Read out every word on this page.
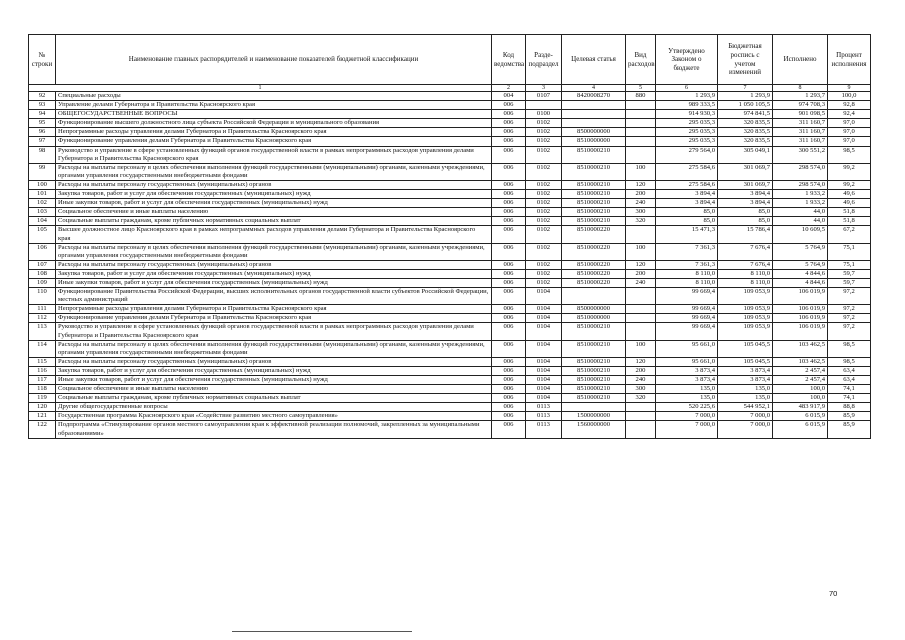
№ строки	Наименование главных распорядителей и наименование показателей бюджетной классификации	Код ведомства	Разде-подраздел	Целевая статья	Вид расходов	Утверждено Законом о бюджете	Бюджетная роспись с учетом изменений	Исполнено	Процент исполнения
1		2	3	4	5	6	7	8	9
92	Специальные расходы	004	0107	8420008270	880	1 293,9	1 293,9	1 293,7	100,0
93	Управление делами Губернатора и Правительства Красноярского края	006				989 333,5	1 050 105,5	974 708,3	92,8
94	ОБЩЕГОСУДАРСТВЕННЫЕ ВОПРОСЫ	006	0100			914 930,3	974 841,5	901 098,5	92,4
95	Функционирование высшего должностного лица субъекта Российской Федерации и муниципального образования	006	0102			295 035,3	320 835,5	311 160,7	97,0
96	Непрограммные расходы управления делами Губернатора и Правительства Красноярского края	006	0102	8500000000		295 035,3	320 835,5	311 160,7	97,0
97	Функционирование управления делами Губернатора и Правительства Красноярского края	006	0102	8510000000		295 035,3	320 835,5	311 160,7	97,0
98	Руководство и управление в сфере установленных функций органов государственной власти в рамках непрограммных расходов управления делами Губернатора и Правительства Красноярского края	006	0102	8510000210		279 564,0	305 049,1	300 551,2	98,5
99	Расходы на выплаты персоналу в целях обеспечения выполнения функций государственными (муниципальными) органами, казенными учреждениями, органами управления государственными внебюджетными фондами	006	0102	8510000210	100	275 584,6	301 069,7	298 574,0	99,2
100	Расходы на выплаты персоналу государственных (муниципальных) органов	006	0102	8510000210	120	275 584,6	301 069,7	298 574,0	99,2
101	Закупка товаров, работ и услуг для обеспечения государственных (муниципальных) нужд	006	0102	8510000210	200	3 894,4	3 894,4	1 933,2	49,6
102	Иные закупки товаров, работ и услуг для обеспечения государственных (муниципальных) нужд	006	0102	8510000210	240	3 894,4	3 894,4	1 933,2	49,6
103	Социальное обеспечение и иные выплаты населению	006	0102	8510000210	300	85,0	85,0	44,0	51,8
104	Социальные выплаты гражданам, кроме публичных нормативных социальных выплат	006	0102	8510000210	320	85,0	85,0	44,0	51,8
105	Высшее должностное лицо Красноярского края в рамках непрограммных расходов управления делами Губернатора и Правительства Красноярского края	006	0102	8510000220		15 471,3	15 786,4	10 609,5	67,2
106	Расходы на выплаты персоналу в целях обеспечения выполнения функций государственными (муниципальными) органами, казенными учреждениями, органами управления государственными внебюджетными фондами	006	0102	8510000220	100	7 361,3	7 676,4	5 764,9	75,1
107	Расходы на выплаты персоналу государственных (муниципальных) органов	006	0102	8510000220	120	7 361,3	7 676,4	5 764,9	75,1
108	Закупка товаров, работ и услуг для обеспечения государственных (муниципальных) нужд	006	0102	8510000220	200	8 110,0	8 110,0	4 844,6	59,7
109	Иные закупки товаров, работ и услуг для обеспечения государственных (муниципальных) нужд	006	0102	8510000220	240	8 110,0	8 110,0	4 844,6	59,7
110	Функционирование Правительства Российской Федерации, высших исполнительных органов государственной власти субъектов Российской Федерации, местных администраций	006	0104			99 669,4	109 053,9	106 019,9	97,2
111	Непрограммные расходы управления делами Губернатора и Правительства Красноярского края	006	0104	8500000000		99 669,4	109 053,9	106 019,9	97,2
112	Функционирование управления делами Губернатора и Правительства Красноярского края	006	0104	8510000000		99 669,4	109 053,9	106 019,9	97,2
113	Руководство и управление в сфере установленных функций органов государственной власти в рамках непрограммных расходов управления делами Губернатора и Правительства Красноярского края	006	0104	8510000210		99 669,4	109 053,9	106 019,9	97,2
114	Расходы на выплаты персоналу в целях обеспечения выполнения функций государственными (муниципальными) органами, казенными учреждениями, органами управления государственными внебюджетными фондами	006	0104	8510000210	100	95 661,0	105 045,5	103 462,5	98,5
115	Расходы на выплаты персоналу государственных (муниципальных) органов	006	0104	8510000210	120	95 661,0	105 045,5	103 462,5	98,5
116	Закупка товаров, работ и услуг для обеспечения государственных (муниципальных) нужд	006	0104	8510000210	200	3 873,4	3 873,4	2 457,4	63,4
117	Иные закупки товаров, работ и услуг для обеспечения государственных (муниципальных) нужд	006	0104	8510000210	240	3 873,4	3 873,4	2 457,4	63,4
118	Социальное обеспечение и иные выплаты населению	006	0104	8510000210	300	135,0	135,0	100,0	74,1
119	Социальные выплаты гражданам, кроме публичных нормативных социальных выплат	006	0104	8510000210	320	135,0	135,0	100,0	74,1
120	Другие общегосударственные вопросы	006	0113			520 225,6	544 952,1	483 917,9	88,8
121	Государственная программа Красноярского края «Содействие развитию местного самоуправления»	006	0113	1500000000		7 000,0	7 000,0	6 015,9	85,9
122	Подпрограмма «Стимулирование органов местного самоуправления края к эффективной реализации полномочий, закрепленных за муниципальными образованиями»	006	0113	1560000000		7 000,0	7 000,0	6 015,9	85,9
70
